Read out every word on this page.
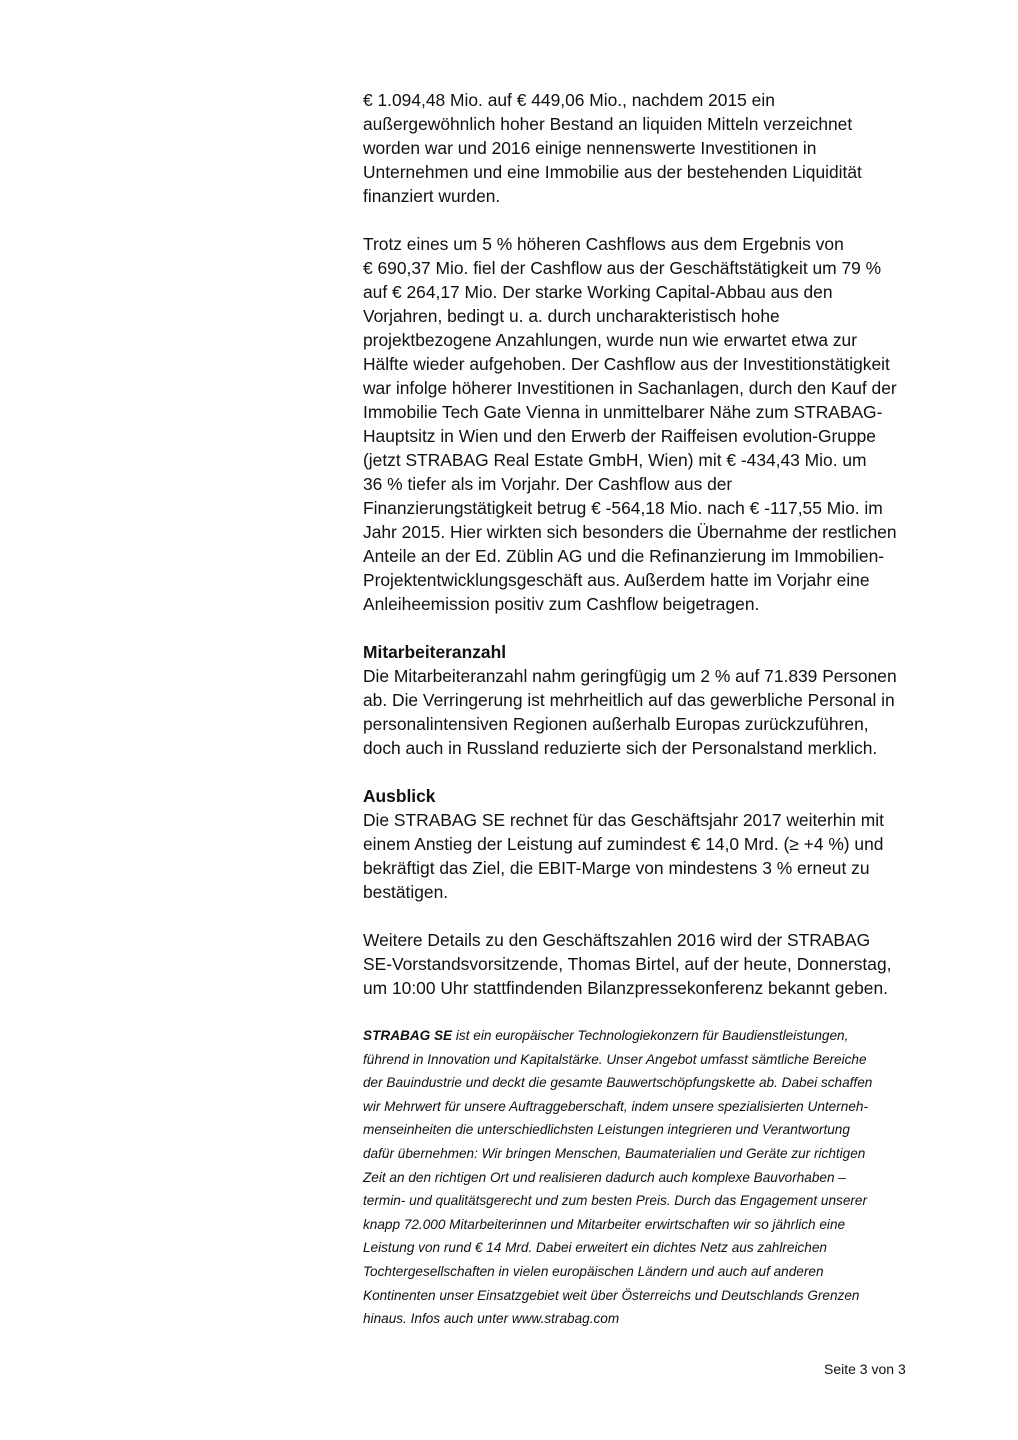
€ 1.094,48 Mio. auf € 449,06 Mio., nachdem 2015 ein
außergewöhnlich hoher Bestand an liquiden Mitteln verzeichnet
worden war und 2016 einige nennenswerte Investitionen in
Unternehmen und eine Immobilie aus der bestehenden Liquidität
finanziert wurden.
Trotz eines um 5 % höheren Cashflows aus dem Ergebnis von
€ 690,37 Mio. fiel der Cashflow aus der Geschäftstätigkeit um 79 %
auf € 264,17 Mio. Der starke Working Capital-Abbau aus den
Vorjahren, bedingt u. a. durch uncharakteristisch hohe
projektbezogene Anzahlungen, wurde nun wie erwartet etwa zur
Hälfte wieder aufgehoben. Der Cashflow aus der Investitionstätigkeit
war infolge höherer Investitionen in Sachanlagen, durch den Kauf der
Immobilie Tech Gate Vienna in unmittelbarer Nähe zum STRABAG-
Hauptsitz in Wien und den Erwerb der Raiffeisen evolution-Gruppe
(jetzt STRABAG Real Estate GmbH, Wien) mit € -434,43 Mio. um
36 % tiefer als im Vorjahr. Der Cashflow aus der
Finanzierungstätigkeit betrug € -564,18 Mio. nach € -117,55 Mio. im
Jahr 2015. Hier wirkten sich besonders die Übernahme der restlichen
Anteile an der Ed. Züblin AG und die Refinanzierung im Immobilien-
Projektentwicklungsgeschäft aus. Außerdem hatte im Vorjahr eine
Anleiheemission positiv zum Cashflow beigetragen.
Mitarbeiteranzahl
Die Mitarbeiteranzahl nahm geringfügig um 2 % auf 71.839 Personen
ab. Die Verringerung ist mehrheitlich auf das gewerbliche Personal in
personalintensiven Regionen außerhalb Europas zurückzuführen,
doch auch in Russland reduzierte sich der Personalstand merklich.
Ausblick
Die STRABAG SE rechnet für das Geschäftsjahr 2017 weiterhin mit
einem Anstieg der Leistung auf zumindest € 14,0 Mrd. (≥ +4 %) und
bekräftigt das Ziel, die EBIT-Marge von mindestens 3 % erneut zu
bestätigen.
Weitere Details zu den Geschäftszahlen 2016 wird der STRABAG
SE-Vorstandsvorsitzende, Thomas Birtel, auf der heute, Donnerstag,
um 10:00 Uhr stattfindenden Bilanzpressekonferenz bekannt geben.
STRABAG SE ist ein europäischer Technologiekonzern für Baudienstleistungen,
führend in Innovation und Kapitalstärke. Unser Angebot umfasst sämtliche Bereiche
der Bauindustrie und deckt die gesamte Bauwertschöpfungskette ab. Dabei schaffen
wir Mehrwert für unsere Auftraggeberschaft, indem unsere spezialisierten Unterneh-
menseinheiten die unterschiedlichsten Leistungen integrieren und Verantwortung
dafür übernehmen: Wir bringen Menschen, Baumaterialien und Geräte zur richtigen
Zeit an den richtigen Ort und realisieren dadurch auch komplexe Bauvorhaben –
termin- und qualitätsgerecht und zum besten Preis. Durch das Engagement unserer
knapp 72.000 Mitarbeiterinnen und Mitarbeiter erwirtschaften wir so jährlich eine
Leistung von rund € 14 Mrd. Dabei erweitert ein dichtes Netz aus zahlreichen
Tochtergesellschaften in vielen europäischen Ländern und auch auf anderen
Kontinenten unser Einsatzgebiet weit über Österreichs und Deutschlands Grenzen
hinaus. Infos auch unter www.strabag.com
Seite 3 von 3
